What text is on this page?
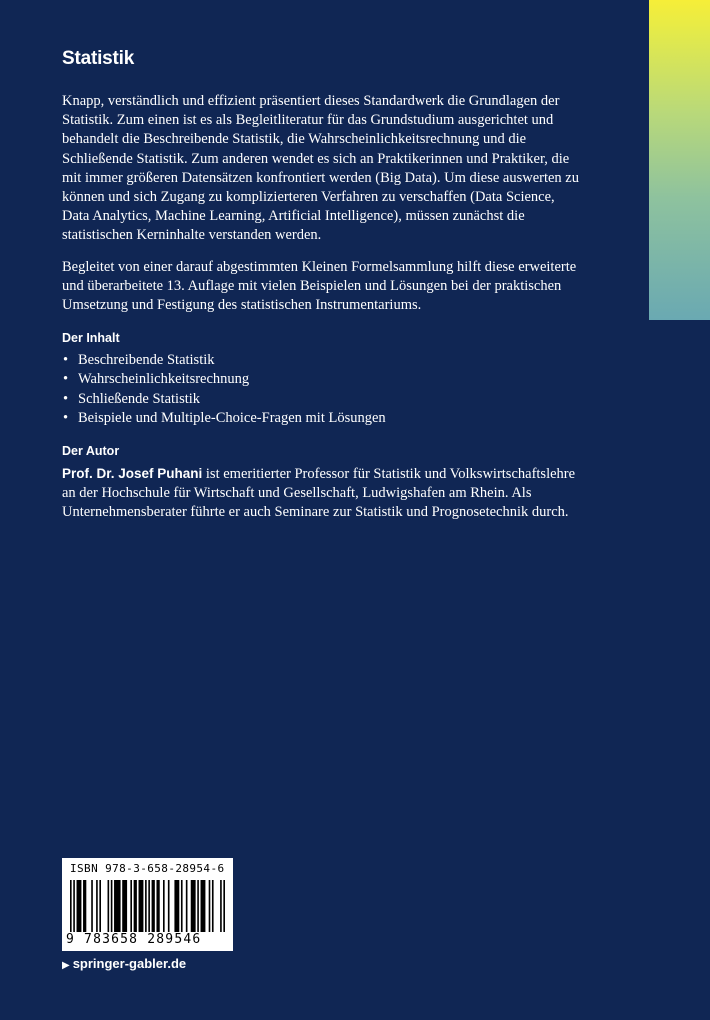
Statistik

Knapp, verständlich und effizient präsentiert dieses Standardwerk die Grundlagen der Statistik. Zum einen ist es als Begleitliteratur für das Grundstudium ausgerichtet und behandelt die Beschreibende Statistik, die Wahrscheinlichkeitsrechnung und die Schließende Statistik. Zum anderen wendet es sich an Praktikerinnen und Praktiker, die mit immer größeren Datensätzen konfrontiert werden (Big Data). Um diese auswerten zu können und sich Zugang zu komplizierteren Verfahren zu verschaffen (Data Science, Data Analytics, Machine Learning, Artificial Intelligence), müssen zunächst die statistischen Kerninhalte verstanden werden.

Begleitet von einer darauf abgestimmten Kleinen Formelsammlung hilft diese erweiterte und überarbeitete 13. Auflage mit vielen Beispielen und Lösungen bei der praktischen Umsetzung und Festigung des statistischen Instrumentariums.

Der Inhalt
• Beschreibende Statistik
• Wahrscheinlichkeitsrechnung
• Schließende Statistik
• Beispiele und Multiple-Choice-Fragen mit Lösungen
Der Autor

Prof. Dr. Josef Puhani ist emeritierter Professor für Statistik und Volkswirtschaftslehre an der Hochschule für Wirtschaft und Gesellschaft, Ludwigshafen am Rhein. Als Unternehmensberater führte er auch Seminare zur Statistik und Prognosetechnik durch.

ISBN 978-3-658-28954-6
9 783658 289546
▶ springer-gabler.de
